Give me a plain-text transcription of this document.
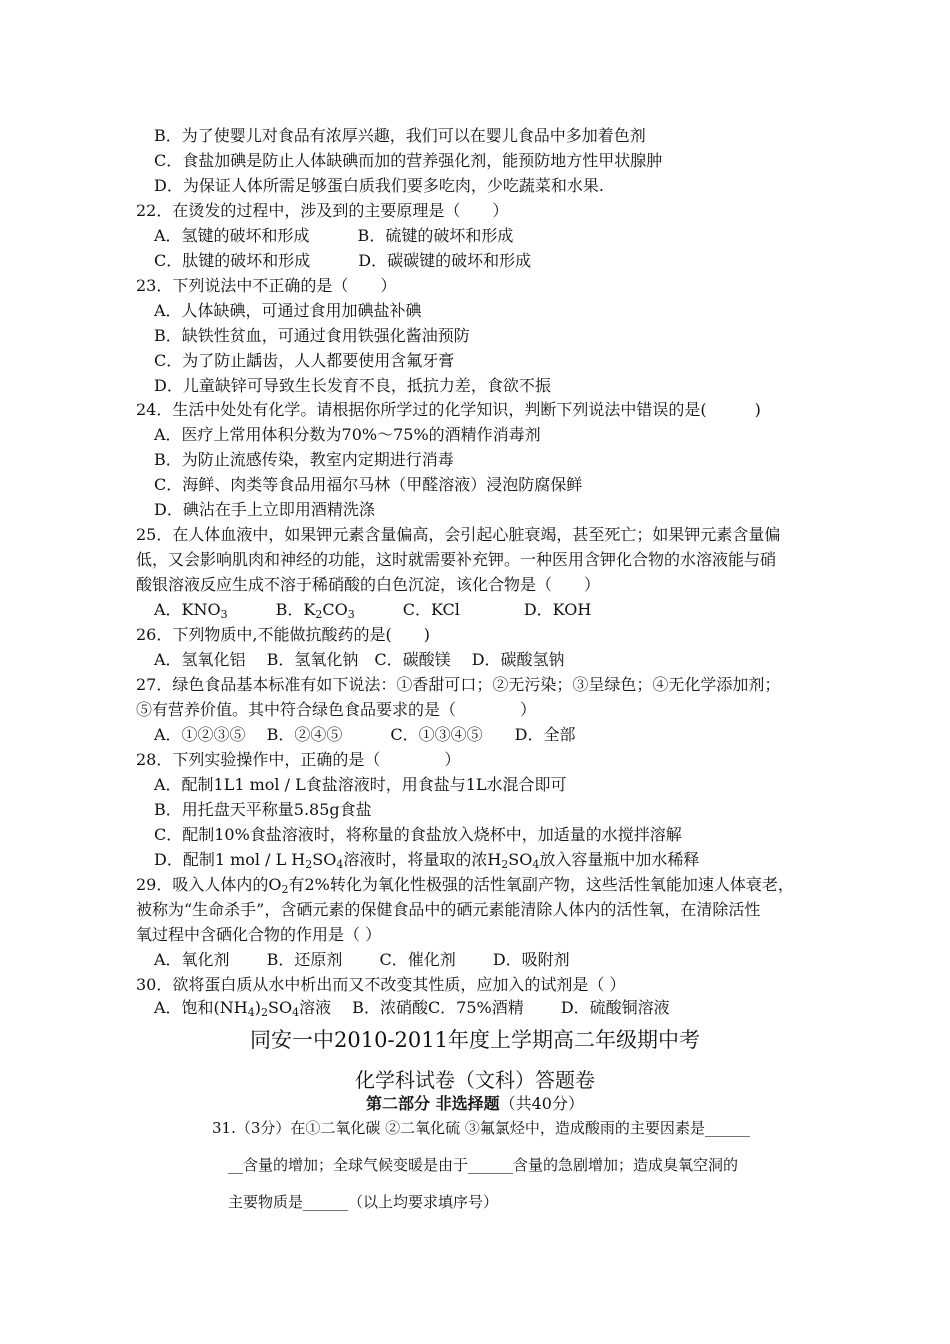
B．为了使婴儿对食品有浓厚兴趣，我们可以在婴儿食品中多加着色剂
C．食盐加碘是防止人体缺碘而加的营养强化剂，能预防地方性甲状腺肿
D．为保证人体所需足够蛋白质我们要多吃肉，少吃蔬菜和水果.
22．在烫发的过程中，涉及到的主要原理是（　　）
A．氢键的破坏和形成　　　B．硫键的破坏和形成
C．肽键的破坏和形成　　　D．碳碳键的破坏和形成
23．下列说法中不正确的是（　　）
A．人体缺碘，可通过食用加碘盐补碘
B．缺铁性贫血，可通过食用铁强化酱油预防
C．为了防止龋齿，人人都要使用含氟牙膏
D．儿童缺锌可导致生长发育不良，抵抗力差，食欲不振
24．生活中处处有化学。请根据你所学过的化学知识，判断下列说法中错误的是(　　　)
A．医疗上常用体积分数为70%～75%的酒精作消毒剂
B．为防止流感传染，教室内定期进行消毒
C．海鲜、肉类等食品用福尔马林（甲醛溶液）浸泡防腐保鲜
D．碘沾在手上立即用酒精洗涤
25．在人体血液中，如果钾元素含量偏高，会引起心脏衰竭，甚至死亡；如果钾元素含量偏
低，又会影响肌肉和神经的功能，这时就需要补充钾。一种医用含钾化合物的水溶液能与硝
酸银溶液反应生成不溶于稀硝酸的白色沉淀，该化合物是（　　）
A．$KNO_3$　　　B．$K_2CO_3$　　　C．KCl　　　　D．KOH
26．下列物质中,不能做抗酸药的是(　　)
A．氢氧化铝　 B．氢氧化钠　C．碳酸镁　 D．碳酸氢钠
27．绿色食品基本标准有如下说法：①香甜可口；②无污染；③呈绿色；④无化学添加剂；
⑤有营养价值。其中符合绿色食品要求的是（　　　　）
A．①②③⑤　 B．②④⑤　　　C．①③④⑤　　D．全部
28．下列实验操作中，正确的是（　　　　）
A．配制1L1 mol / L食盐溶液时，用食盐与1L水混合即可
B．用托盘天平称量5.85g食盐
C．配制10%食盐溶液时，将称量的食盐放入烧杯中，加适量的水搅拌溶解
D．配制1 mol / L $H_2SO_4$溶液时，将量取的浓$H_2SO_4$放入容量瓶中加水稀释
29．吸入人体内的$O_2$有2%转化为氧化性极强的活性氧副产物，这些活性氧能加速人体衰老，
被称为“生命杀手”，含硒元素的保健食品中的硒元素能清除人体内的活性氧，在清除活性
氧过程中含硒化合物的作用是（ ）
A．氧化剂　　 B．还原剂　　 C．催化剂　　 D．吸附剂
30．欲将蛋白质从水中析出而又不改变其性质，应加入的试剂是（ ）
A．饱和$(NH_4)_2SO_4$溶液　 B．浓硝酸C．75%酒精　　 D．硫酸铜溶液
同安一中2010-2011年度上学期高二年级期中考
化学科试卷（文科）答题卷
第二部分 非选择题（共40分）
31.（3分）在①二氧化碳 ②二氧化硫 ③氟氯烃中，造成酸雨的主要因素是______
__含量的增加；全球气候变暖是由于______含量的急剧增加；造成臭氧空洞的
主要物质是______（以上均要求填序号）
